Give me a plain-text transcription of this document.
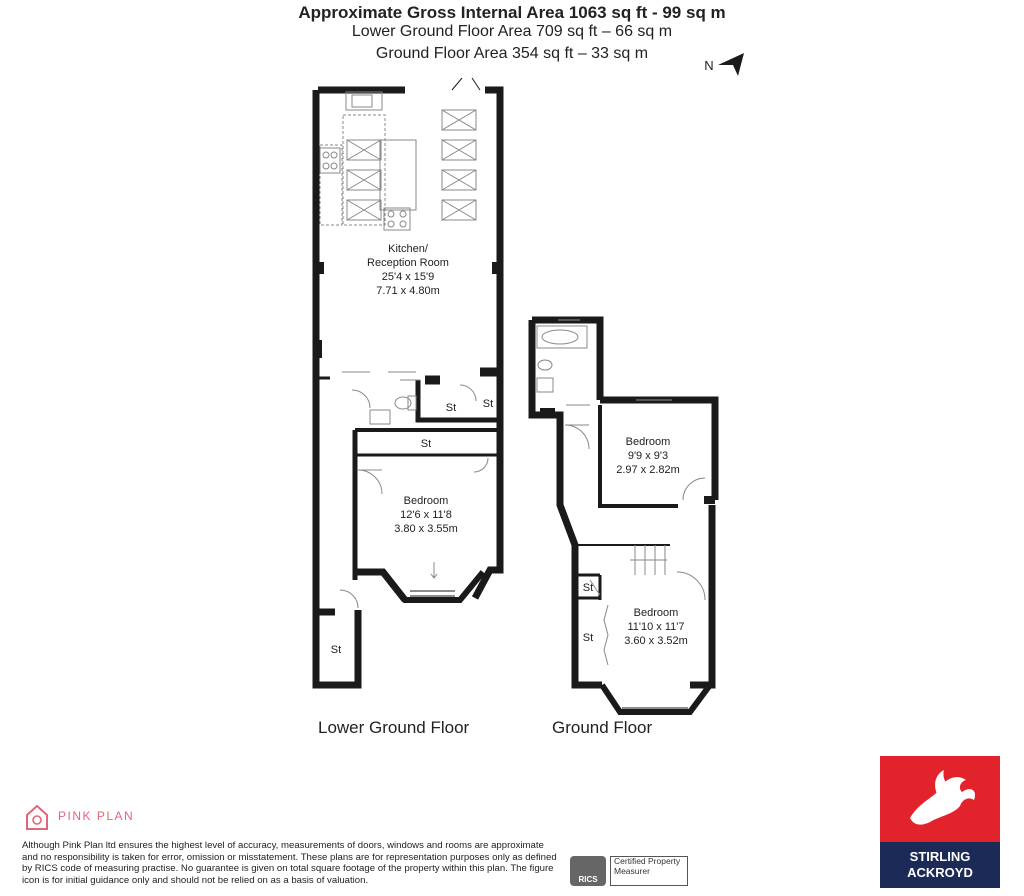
Approximate Gross Internal Area 1063 sq ft - 99 sq m
Lower Ground Floor Area 709 sq ft – 66 sq m
Ground Floor Area 354 sq ft – 33 sq m
N
Kitchen/
Reception Room
25'4 x 15'9
7.71 x 4.80m
Bedroom
12'6 x 11'8
3.80 x 3.55m
St St
St
St
Bedroom
9'9 x 9'3
2.97 x 2.82m
Bedroom
11'10 x 11'7
3.60 x 3.52m
St
St
Lower Ground Floor	Ground Floor
PINK PLAN
Although Pink Plan ltd ensures the highest level of accuracy, measurements of doors, windows and rooms are approximate and no responsibility is taken for error, omission or misstatement. These plans are for representation purposes only as defined by RICS code of measuring practise. No guarantee is given on total square footage of the property within this plan. The figure icon is for initial guidance only and should not be relied on as a basis of valuation.	RICS
Certified Property Measurer
STIRLING
ACKROYD
